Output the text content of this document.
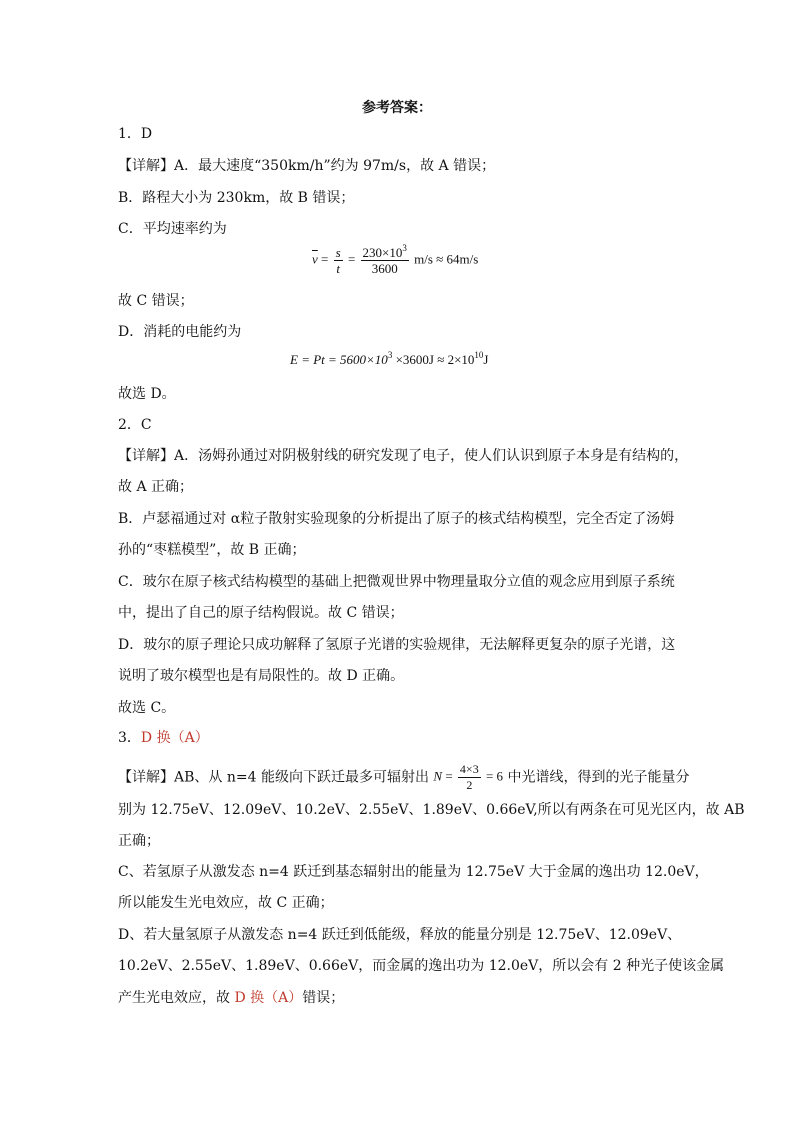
参考答案：
1．D
【详解】A．最大速度“350km/h”约为 97m/s，故 A 错误；
B．路程大小为 230km，故 B 错误；
C．平均速率约为
$\overline{v} = \frac{s}{t} = \frac{230\times 10^3}{3600} m/s \approx 64m/s$
故 C 错误；
D．消耗的电能约为
$E = Pt = 5600\times 10^3 \times 3600J \approx 2\times 10^{10}J$
故选 D。
2．C
【详解】A．汤姆孙通过对阴极射线的研究发现了电子，使人们认识到原子本身是有结构的，
故 A 正确；
B．卢瑟福通过对 α粒子散射实验现象的分析提出了原子的核式结构模型，完全否定了汤姆
孙的“枣糕模型”，故 B 正确；
C．玻尔在原子核式结构模型的基础上把微观世界中物理量取分立值的观念应用到原子系统
中，提出了自己的原子结构假说。故 C 错误；
D．玻尔的原子理论只成功解释了氢原子光谱的实验规律，无法解释更复杂的原子光谱，这
说明了玻尔模型也是有局限性的。故 D 正确。
故选 C。
3．D 换（A）
【详解】AB、从 n=4 能级向下跃迁最多可辐射出 $N = \frac{4\times 3}{2} = 6$ 中光谱线，得到的光子能量分
别为 12.75eV、12.09eV、10.2eV、2.55eV、1.89eV、0.66eV,所以有两条在可见光区内，故 AB
正确；
C、若氢原子从激发态 n=4 跃迁到基态辐射出的能量为 12.75eV 大于金属的逸出功 12.0eV，
所以能发生光电效应，故 C 正确；
D、若大量氢原子从激发态 n=4 跃迁到低能级，释放的能量分别是 12.75eV、12.09eV、
10.2eV、2.55eV、1.89eV、0.66eV，而金属的逸出功为 12.0eV，所以会有 2 种光子使该金属
产生光电效应，故 D 换（A）错误；
